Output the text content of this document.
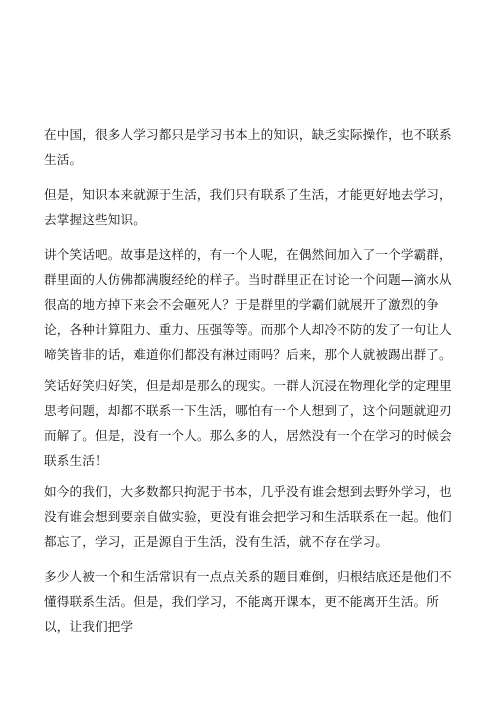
在中国，很多人学习都只是学习书本上的知识，缺乏实际操作，也不联系生活。

但是，知识本来就源于生活，我们只有联系了生活，才能更好地去学习，去掌握这些知识。

讲个笑话吧。故事是这样的，有一个人呢，在偶然间加入了一个学霸群，群里面的人仿佛都满腹经纶的样子。当时群里正在讨论一个问题—滴水从很高的地方掉下来会不会砸死人？于是群里的学霸们就展开了激烈的争论，各种计算阻力、重力、压强等等。而那个人却冷不防的发了一句让人啼笑皆非的话，难道你们都没有淋过雨吗？后来，那个人就被踢出群了。

笑话好笑归好笑，但是却是那么的现实。一群人沉浸在物理化学的定理里思考问题，却都不联系一下生活，哪怕有一个人想到了，这个问题就迎刃而解了。但是，没有一个人。那么多的人，居然没有一个在学习的时候会联系生活！

如今的我们，大多数都只拘泥于书本，几乎没有谁会想到去野外学习，也没有谁会想到要亲自做实验，更没有谁会把学习和生活联系在一起。他们都忘了，学习，正是源自于生活，没有生活，就不存在学习。

多少人被一个和生活常识有一点点关系的题目难倒，归根结底还是他们不懂得联系生活。但是，我们学习，不能离开课本，更不能离开生活。所以，让我们把学
